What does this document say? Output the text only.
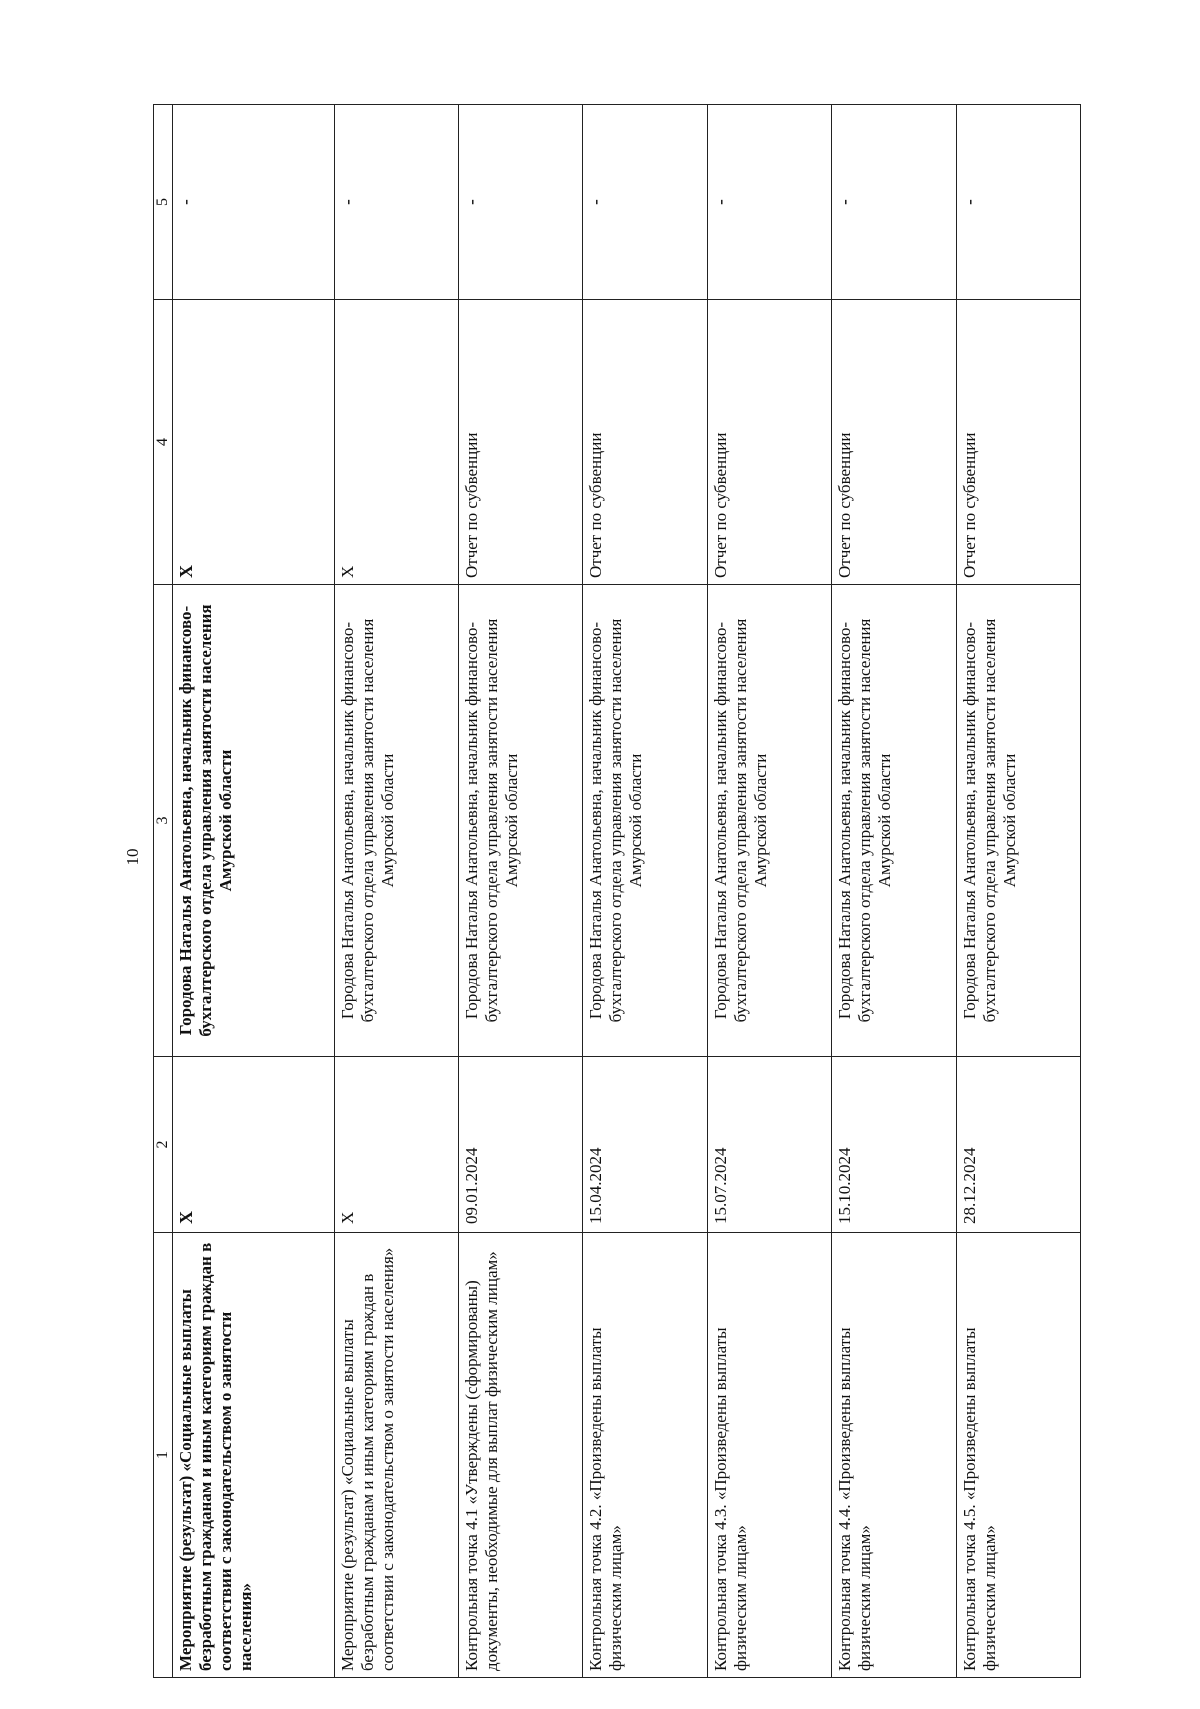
10
1	2	3	4	5
Мероприятие (результат) «Социальные выплаты безработным гражданам и иным категориям граждан в соответствии с законодательством о занятости населения»	X	Городова Наталья Анатольевна, начальник финансово-бухгалтерского отдела управления занятости населения Амурской области	X	-
Мероприятие (результат) «Социальные выплаты безработным гражданам и иным категориям граждан в соответствии с законодательством о занятости населения»	X	Городова Наталья Анатольевна, начальник финансово-бухгалтерского отдела управления занятости населения Амурской области	X	-
Контрольная точка 4.1 «Утверждены (сформированы) документы, необходимые для выплат физическим лицам»	09.01.2024	Городова Наталья Анатольевна, начальник финансово-бухгалтерского отдела управления занятости населения Амурской области	Отчет по субвенции	-
Контрольная точка 4.2. «Произведены выплаты физическим лицам»	15.04.2024	Городова Наталья Анатольевна, начальник финансово-бухгалтерского отдела управления занятости населения Амурской области	Отчет по субвенции	-
Контрольная точка 4.3. «Произведены выплаты физическим лицам»	15.07.2024	Городова Наталья Анатольевна, начальник финансово-бухгалтерского отдела управления занятости населения Амурской области	Отчет по субвенции	-
Контрольная точка 4.4. «Произведены выплаты физическим лицам»	15.10.2024	Городова Наталья Анатольевна, начальник финансово-бухгалтерского отдела управления занятости населения Амурской области	Отчет по субвенции	-
Контрольная точка 4.5. «Произведены выплаты физическим лицам»	28.12.2024	Городова Наталья Анатольевна, начальник финансово-бухгалтерского отдела управления занятости населения Амурской области	Отчет по субвенции	-
